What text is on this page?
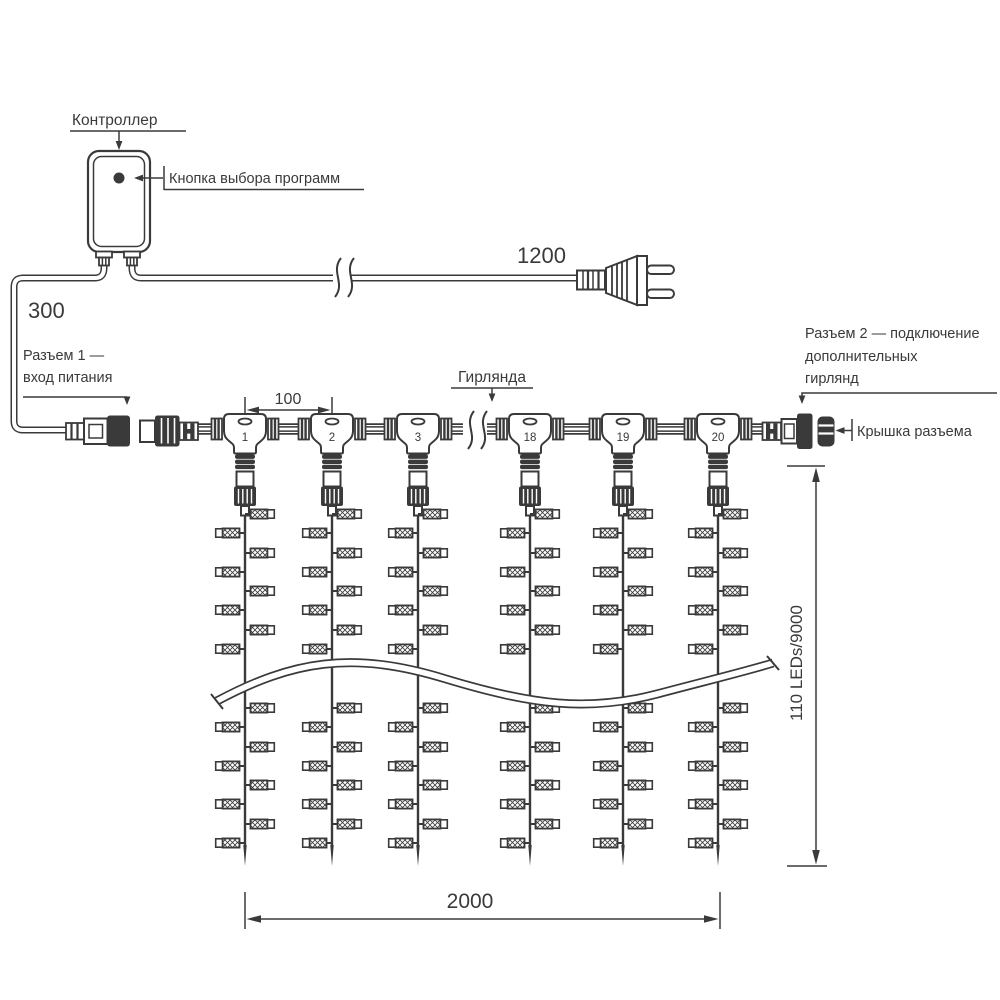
Контроллер
Кнопка выбора программ
1200
300
Разъем 1 —
вход питания
100
Гирлянда
Разъем 2 — подключение
дополнительных
гирлянд
Крышка разъема
1	2	3	18	19	20
110 LEDs/9000
2000
